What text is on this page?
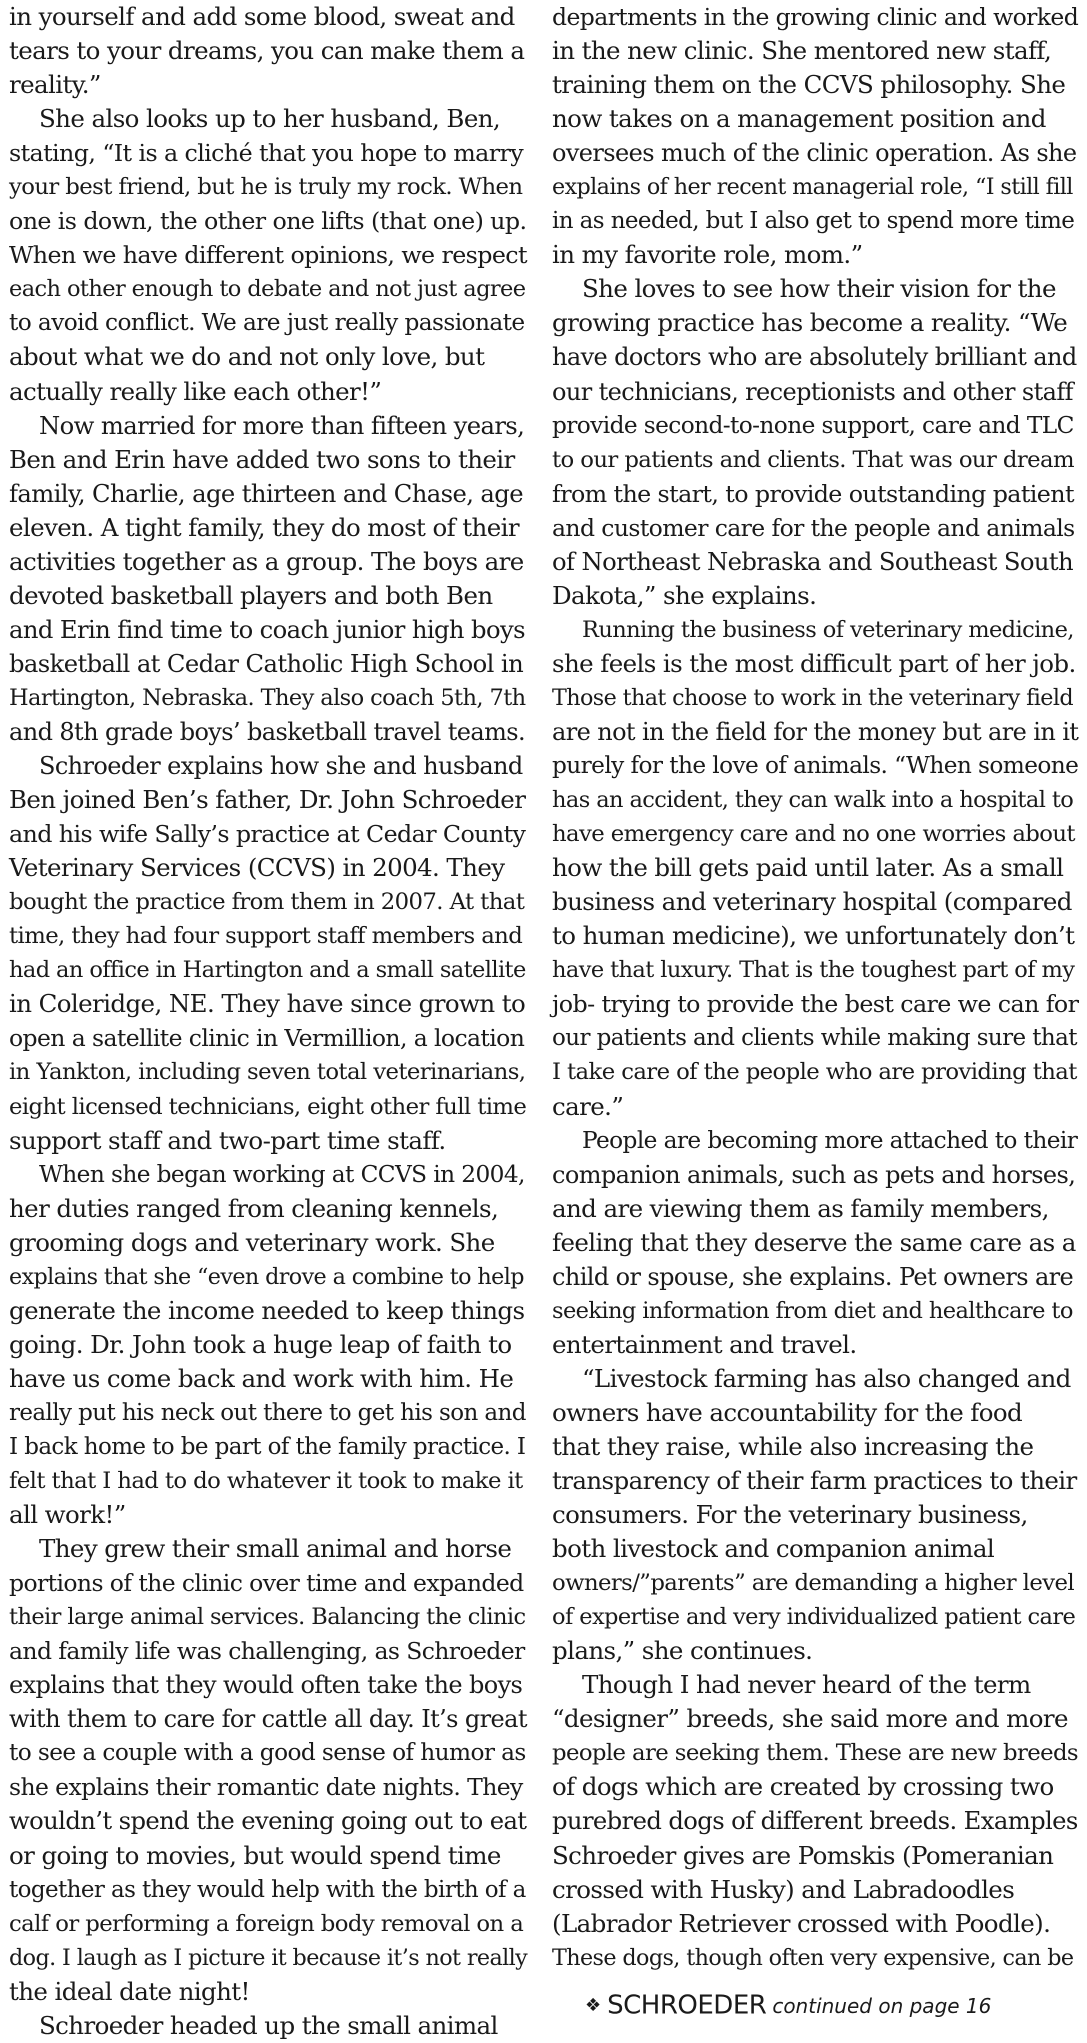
in yourself and add some blood, sweat and
tears to your dreams, you can make them a
reality.”
She also looks up to her husband, Ben,
stating, “It is a cliché that you hope to marry
your best friend, but he is truly my rock. When
one is down, the other one lifts (that one) up.
When we have different opinions, we respect
each other enough to debate and not just agree
to avoid conflict. We are just really passionate
about what we do and not only love, but
actually really like each other!”
Now married for more than fifteen years,
Ben and Erin have added two sons to their
family, Charlie, age thirteen and Chase, age
eleven. A tight family, they do most of their
activities together as a group. The boys are
devoted basketball players and both Ben
and Erin find time to coach junior high boys
basketball at Cedar Catholic High School in
Hartington, Nebraska. They also coach 5th, 7th
and 8th grade boys’ basketball travel teams.
Schroeder explains how she and husband
Ben joined Ben’s father, Dr. John Schroeder
and his wife Sally’s practice at Cedar County
Veterinary Services (CCVS) in 2004. They
bought the practice from them in 2007. At that
time, they had four support staff members and
had an office in Hartington and a small satellite
in Coleridge, NE. They have since grown to
open a satellite clinic in Vermillion, a location
in Yankton, including seven total veterinarians,
eight licensed technicians, eight other full time
support staff and two-part time staff.
When she began working at CCVS in 2004,
her duties ranged from cleaning kennels,
grooming dogs and veterinary work. She
explains that she “even drove a combine to help
generate the income needed to keep things
going. Dr. John took a huge leap of faith to
have us come back and work with him. He
really put his neck out there to get his son and
I back home to be part of the family practice. I
felt that I had to do whatever it took to make it
all work!”
They grew their small animal and horse
portions of the clinic over time and expanded
their large animal services. Balancing the clinic
and family life was challenging, as Schroeder
explains that they would often take the boys
with them to care for cattle all day. It’s great
to see a couple with a good sense of humor as
she explains their romantic date nights. They
wouldn’t spend the evening going out to eat
or going to movies, but would spend time
together as they would help with the birth of a
calf or performing a foreign body removal on a
dog. I laugh as I picture it because it’s not really
the ideal date night!
Schroeder headed up the small animal
departments in the growing clinic and worked
in the new clinic. She mentored new staff,
training them on the CCVS philosophy. She
now takes on a management position and
oversees much of the clinic operation. As she
explains of her recent managerial role, “I still fill
in as needed, but I also get to spend more time
in my favorite role, mom.”
She loves to see how their vision for the
growing practice has become a reality. “We
have doctors who are absolutely brilliant and
our technicians, receptionists and other staff
provide second-to-none support, care and TLC
to our patients and clients. That was our dream
from the start, to provide outstanding patient
and customer care for the people and animals
of Northeast Nebraska and Southeast South
Dakota,” she explains.
Running the business of veterinary medicine,
she feels is the most difficult part of her job.
Those that choose to work in the veterinary field
are not in the field for the money but are in it
purely for the love of animals. “When someone
has an accident, they can walk into a hospital to
have emergency care and no one worries about
how the bill gets paid until later. As a small
business and veterinary hospital (compared
to human medicine), we unfortunately don’t
have that luxury. That is the toughest part of my
job- trying to provide the best care we can for
our patients and clients while making sure that
I take care of the people who are providing that
care.”
People are becoming more attached to their
companion animals, such as pets and horses,
and are viewing them as family members,
feeling that they deserve the same care as a
child or spouse, she explains. Pet owners are
seeking information from diet and healthcare to
entertainment and travel.
“Livestock farming has also changed and
owners have accountability for the food
that they raise, while also increasing the
transparency of their farm practices to their
consumers. For the veterinary business,
both livestock and companion animal
owners/”parents” are demanding a higher level
of expertise and very individualized patient care
plans,” she continues.
Though I had never heard of the term
“designer” breeds, she said more and more
people are seeking them. These are new breeds
of dogs which are created by crossing two
purebred dogs of different breeds. Examples
Schroeder gives are Pomskis (Pomeranian
crossed with Husky) and Labradoodles
(Labrador Retriever crossed with Poodle).
These dogs, though often very expensive, can be
❖ SCHROEDER continued on page 16
